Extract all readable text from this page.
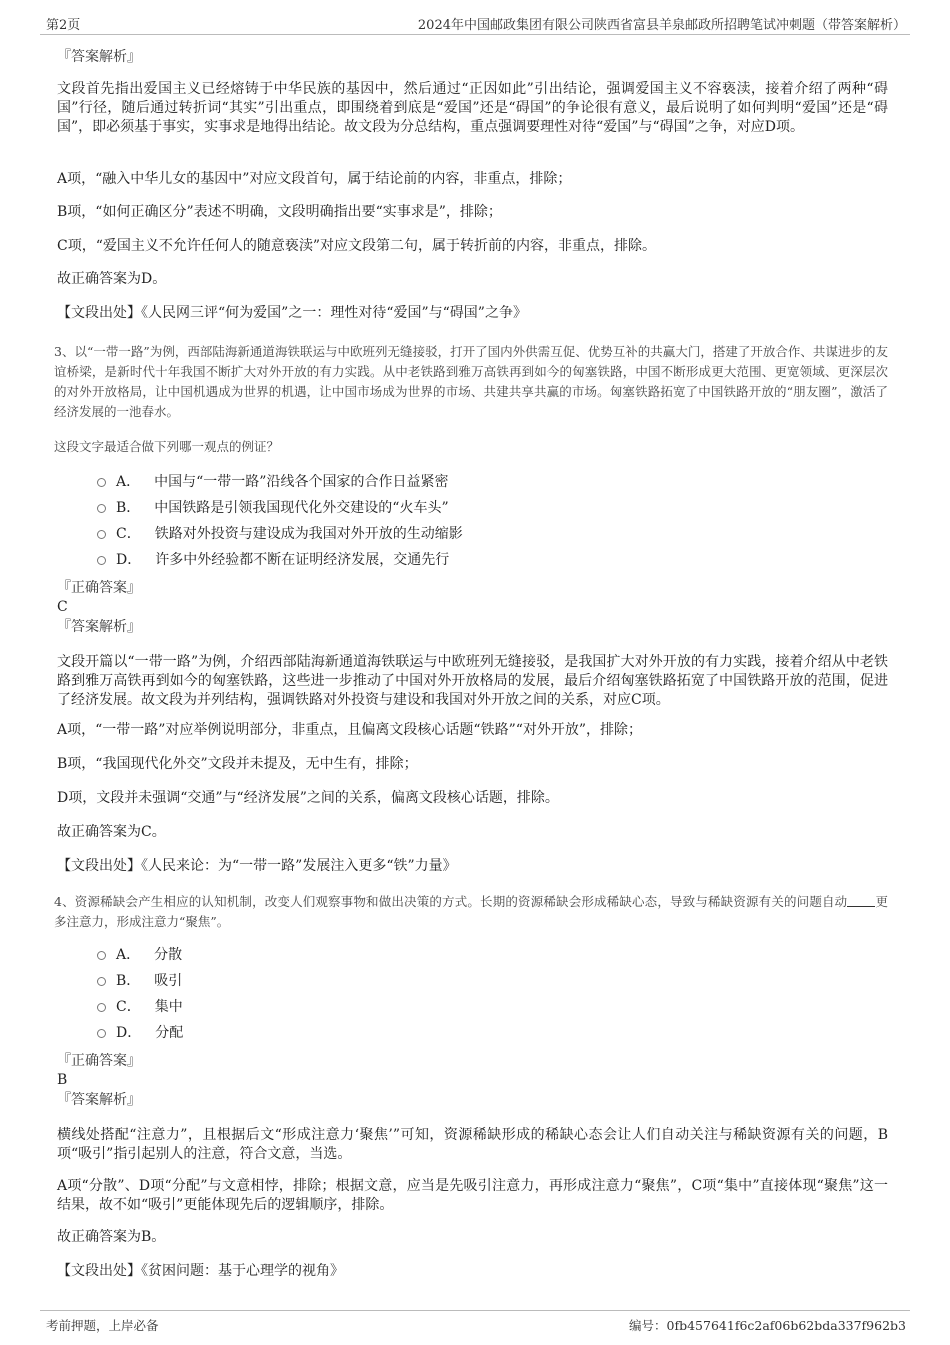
第2页	2024年中国邮政集团有限公司陕西省富县羊泉邮政所招聘笔试冲刺题（带答案解析）
『答案解析』
文段首先指出爱国主义已经熔铸于中华民族的基因中，然后通过“正因如此”引出结论，强调爱国主义不容亵渎，接着介绍了两种“碍国”行径，随后通过转折词“其实”引出重点，即围绕着到底是“爱国”还是“碍国”的争论很有意义，最后说明了如何判明“爱国”还是“碍国”，即必须基于事实，实事求是地得出结论。故文段为分总结构，重点强调要理性对待“爱国”与“碍国”之争，对应D项。
A项，“融入中华儿女的基因中”对应文段首句，属于结论前的内容，非重点，排除；
B项，“如何正确区分”表述不明确，文段明确指出要“实事求是”，排除；
C项，“爱国主义不允许任何人的随意亵渎”对应文段第二句，属于转折前的内容，非重点，排除。
故正确答案为D。
【文段出处】《人民网三评“何为爱国”之一：理性对待“爱国”与“碍国”之争》
3、以“一带一路”为例，西部陆海新通道海铁联运与中欧班列无缝接驳，打开了国内外供需互促、优势互补的共赢大门，搭建了开放合作、共谋进步的友谊桥梁，是新时代十年我国不断扩大对外开放的有力实践。从中老铁路到雅万高铁再到如今的匈塞铁路，中国不断形成更大范围、更宽领域、更深层次的对外开放格局，让中国机遇成为世界的机遇，让中国市场成为世界的市场、共建共享共赢的市场。匈塞铁路拓宽了中国铁路开放的“朋友圈”，激活了经济发展的一池春水。
这段文字最适合做下列哪一观点的例证？
A． 中国与“一带一路”沿线各个国家的合作日益紧密
B． 中国铁路是引领我国现代化外交建设的“火车头”
C． 铁路对外投资与建设成为我国对外开放的生动缩影
D． 许多中外经验都不断在证明经济发展，交通先行
『正确答案』
C
『答案解析』
文段开篇以“一带一路”为例，介绍西部陆海新通道海铁联运与中欧班列无缝接驳，是我国扩大对外开放的有力实践，接着介绍从中老铁路到雅万高铁再到如今的匈塞铁路，这些进一步推动了中国对外开放格局的发展，最后介绍匈塞铁路拓宽了中国铁路开放的范围，促进了经济发展。故文段为并列结构，强调铁路对外投资与建设和我国对外开放之间的关系，对应C项。
A项，“一带一路”对应举例说明部分，非重点，且偏离文段核心话题“铁路”“对外开放”，排除；
B项，“我国现代化外交”文段并未提及，无中生有，排除；
D项，文段并未强调“交通”与“经济发展”之间的关系，偏离文段核心话题，排除。
故正确答案为C。
【文段出处】《人民来论：为“一带一路”发展注入更多“铁”力量》
4、资源稀缺会产生相应的认知机制，改变人们观察事物和做出决策的方式。长期的资源稀缺会形成稀缺心态，导致与稀缺资源有关的问题自动 更多注意力，形成注意力“聚焦”。
A． 分散
B． 吸引
C． 集中
D． 分配
『正确答案』
B
『答案解析』
横线处搭配“注意力”，且根据后文“形成注意力‘聚焦’”可知，资源稀缺形成的稀缺心态会让人们自动关注与稀缺资源有关的问题，B项“吸引”指引起别人的注意，符合文意，当选。
A项“分散”、D项“分配”与文意相悖，排除；根据文意，应当是先吸引注意力，再形成注意力“聚焦”，C项“集中”直接体现“聚焦”这一结果，故不如“吸引”更能体现先后的逻辑顺序，排除。
故正确答案为B。
【文段出处】《贫困问题：基于心理学的视角》
考前押题，上岸必备	编号：0fb457641f6c2af06b62bda337f962b3
